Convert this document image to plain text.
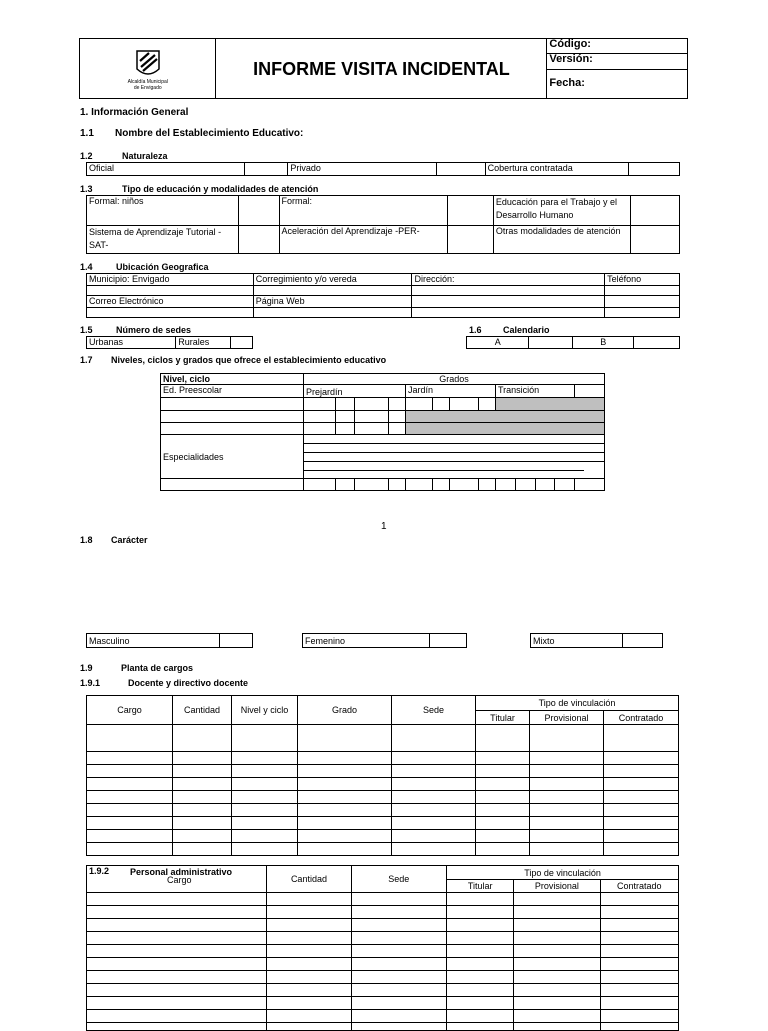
Alcaldía Municipal
de Envigado
	INFORME VISITA INCIDENTAL	
Código:
Versión:
Fecha:
1. Información General
1.1 Nombre del Establecimiento Educativo:
1.2	Naturaleza
Oficial		Privado		Cobertura contratada	
1.3	Tipo de educación y modalidades de atención
Formal: niños		Formal:		Educación para el Trabajo y el Desarrollo Humano	
Sistema de Aprendizaje Tutorial - SAT-		Aceleración del Aprendizaje -PER-		Otras modalidades de atención	
1.4	Ubicación Geografica
Municipio: Envigado	Corregimiento y/o vereda	Dirección:	Teléfono

Correo Electrónico	Página Web		

1.5	Número de sedes
Urbanas	Rurales	
1.6 Calendario
A		B	
1.7 Niveles, ciclos y grados que ofrece el establecimiento educativo
Nivel, ciclo	Grados												
Ed. Preescolar	Prejardín				Jardín				Transición				

Especialidades													

1
1.8 Carácter
Masculino		Femenino		Mixto	
1.9	Planta de cargos
1.9.1	Docente y directivo docente
Cargo	Cantidad	Nivel y ciclo	Grado	Sede	Tipo de vinculación		
					Titular	Provisional	Contratado

1.9.2 Personal administrativo
Cargo	Cantidad	Sede	Tipo de vinculación		
			Titular	Provisional	Contratado
